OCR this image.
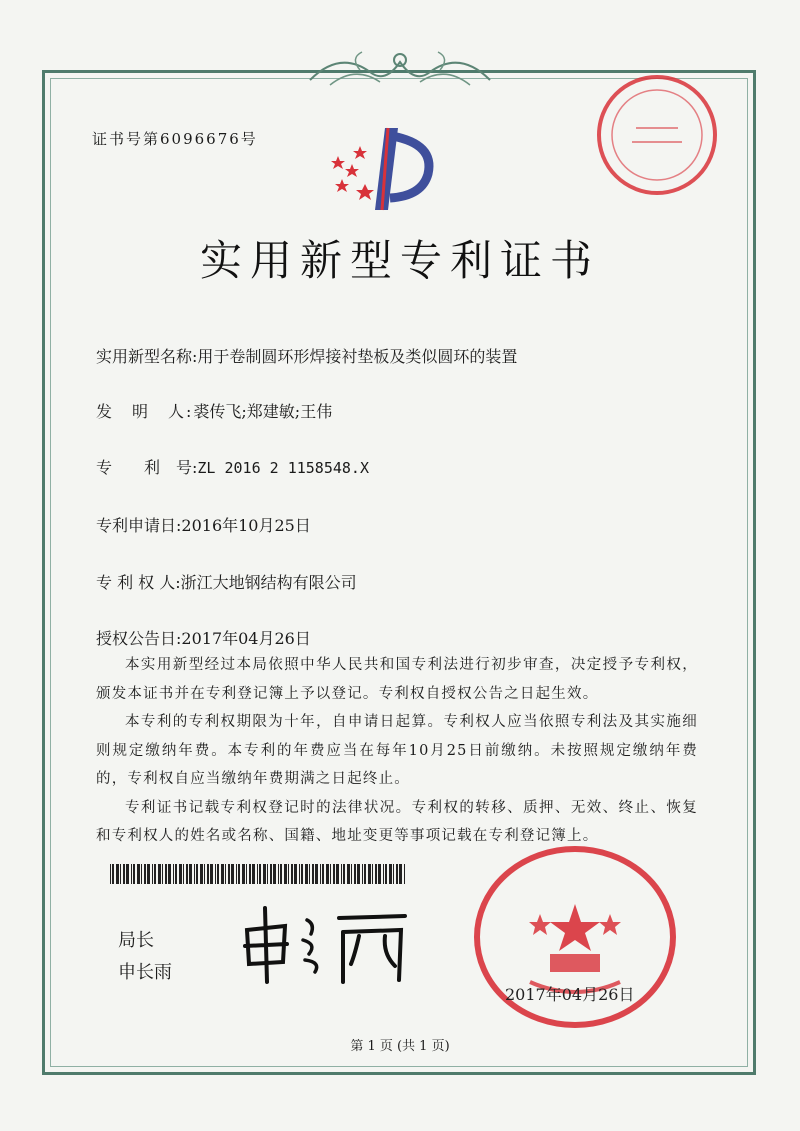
证书号第6096676号
实用新型专利证书
实用新型名称:用于卷制圆环形焊接衬垫板及类似圆环的装置
发　明　人:裘传飞;郑建敏;王伟
专　　利　号:ZL 2016 2 1158548.X
专利申请日:2016年10月25日
专 利 权 人:浙江大地钢结构有限公司
授权公告日:2017年04月26日

本实用新型经过本局依照中华人民共和国专利法进行初步审查，决定授予专利权，颁发本证书并在专利登记簿上予以登记。专利权自授权公告之日起生效。

本专利的专利权期限为十年，自申请日起算。专利权人应当依照专利法及其实施细则规定缴纳年费。本专利的年费应当在每年10月25日前缴纳。未按照规定缴纳年费的，专利权自应当缴纳年费期满之日起终止。

专利证书记载专利权登记时的法律状况。专利权的转移、质押、无效、终止、恢复和专利权人的姓名或名称、国籍、地址变更等事项记载在专利登记簿上。

局长
申长雨
2017年04月26日
第 1 页 (共 1 页)
